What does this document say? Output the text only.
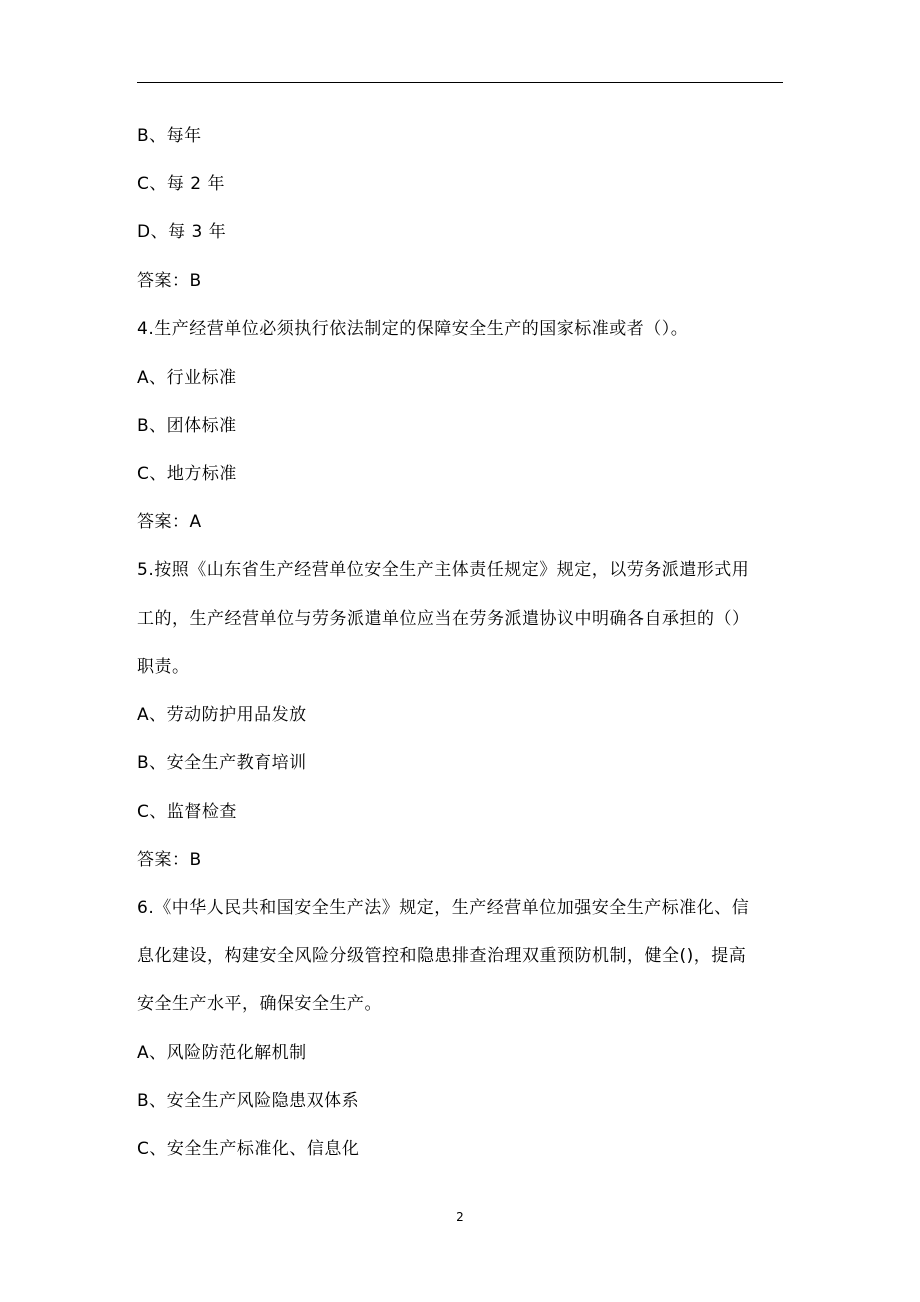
B、每年
C、每 2 年
D、每 3 年
答案：B
4.生产经营单位必须执行依法制定的保障安全生产的国家标准或者（）。
A、行业标准
B、团体标准
C、地方标准
答案：A
5.按照《山东省生产经营单位安全生产主体责任规定》规定，以劳务派遣形式用
工的，生产经营单位与劳务派遣单位应当在劳务派遣协议中明确各自承担的（）
职责。
A、劳动防护用品发放
B、安全生产教育培训
C、监督检查
答案：B
6.《中华人民共和国安全生产法》规定，生产经营单位加强安全生产标准化、信
息化建设，构建安全风险分级管控和隐患排查治理双重预防机制，健全()，提高
安全生产水平，确保安全生产。
A、风险防范化解机制
B、安全生产风险隐患双体系
C、安全生产标准化、信息化
2
